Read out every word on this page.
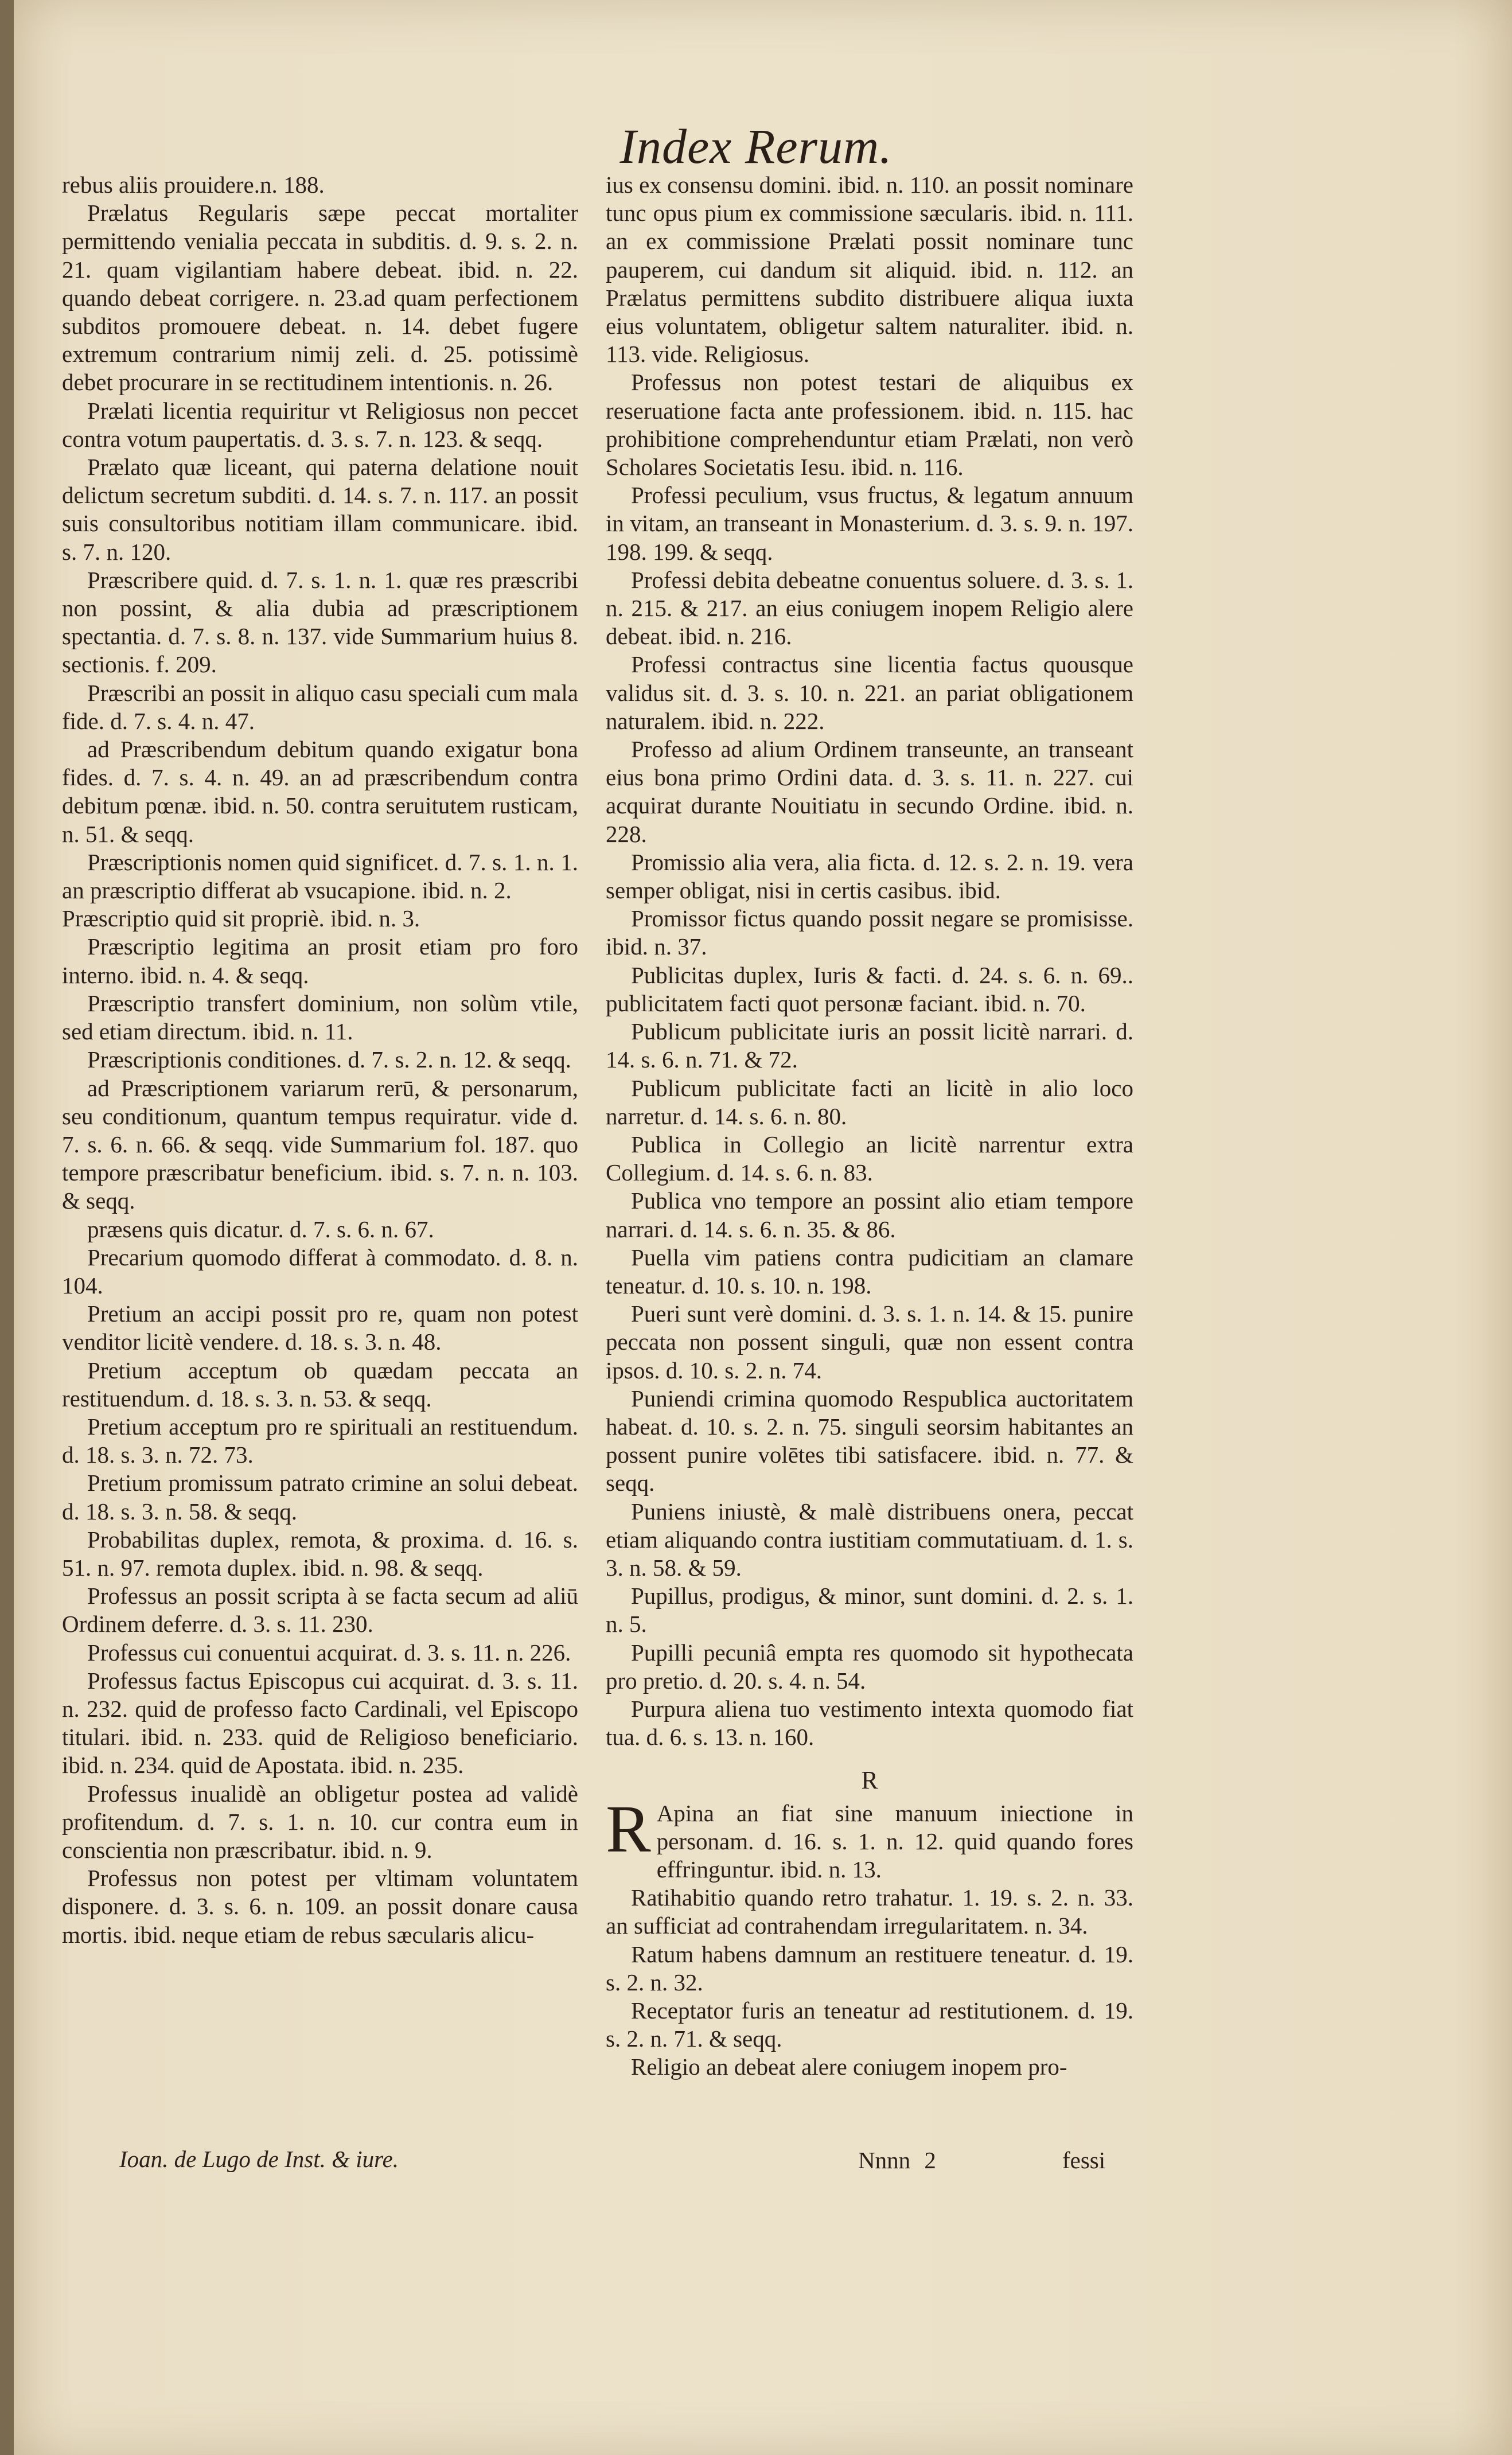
Index Rerum.

rebus aliis prouidere.n. 188.

Prælatus Regularis sæpe peccat mortaliter permittendo venialia peccata in subditis. d. 9. s. 2. n. 21. quam vigilantiam habere debeat. ibid. n. 22. quando debeat corrigere. n. 23.ad quam perfectionem subditos promouere debeat. n. 14. debet fugere extremum contrarium nimij zeli. d. 25. potissimè debet procurare in se rectitudinem intentionis. n. 26.

Prælati licentia requiritur vt Religiosus non peccet contra votum paupertatis. d. 3. s. 7. n. 123. & seqq.

Prælato quæ liceant, qui paterna delatione nouit delictum secretum subditi. d. 14. s. 7. n. 117. an possit suis consultoribus notitiam illam communicare. ibid. s. 7. n. 120.

Præscribere quid. d. 7. s. 1. n. 1. quæ res præscribi non possint, & alia dubia ad præscriptionem spectantia. d. 7. s. 8. n. 137. vide Summarium huius 8. sectionis. f. 209.

Præscribi an possit in aliquo casu speciali cum mala fide. d. 7. s. 4. n. 47.

ad Præscribendum debitum quando exigatur bona fides. d. 7. s. 4. n. 49. an ad præscribendum contra debitum pœnæ. ibid. n. 50. contra seruitutem rusticam, n. 51. & seqq.

Præscriptionis nomen quid significet. d. 7. s. 1. n. 1. an præscriptio differat ab vsucapione. ibid. n. 2.

Præscriptio quid sit propriè. ibid. n. 3.

Præscriptio legitima an prosit etiam pro foro interno. ibid. n. 4. & seqq.

Præscriptio transfert dominium, non solùm vtile, sed etiam directum. ibid. n. 11.

Præscriptionis conditiones. d. 7. s. 2. n. 12. & seqq.

ad Præscriptionem variarum rerū, & personarum, seu conditionum, quantum tempus requiratur. vide d. 7. s. 6. n. 66. & seqq. vide Summarium fol. 187. quo tempore præscribatur beneficium. ibid. s. 7. n. n. 103. & seqq.

præsens quis dicatur. d. 7. s. 6. n. 67.

Precarium quomodo differat à commodato. d. 8. n. 104.

Pretium an accipi possit pro re, quam non potest venditor licitè vendere. d. 18. s. 3. n. 48.

Pretium acceptum ob quædam peccata an restituendum. d. 18. s. 3. n. 53. & seqq.

Pretium acceptum pro re spirituali an restituendum. d. 18. s. 3. n. 72. 73.

Pretium promissum patrato crimine an solui debeat. d. 18. s. 3. n. 58. & seqq.

Probabilitas duplex, remota, & proxima. d. 16. s. 51. n. 97. remota duplex. ibid. n. 98. & seqq.

Professus an possit scripta à se facta secum ad aliū Ordinem deferre. d. 3. s. 11. 230.

Professus cui conuentui acquirat. d. 3. s. 11. n. 226.

Professus factus Episcopus cui acquirat. d. 3. s. 11. n. 232. quid de professo facto Cardinali, vel Episcopo titulari. ibid. n. 233. quid de Religioso beneficiario. ibid. n. 234. quid de Apostata. ibid. n. 235.

Professus inualidè an obligetur postea ad validè profitendum. d. 7. s. 1. n. 10. cur contra eum in conscientia non præscribatur. ibid. n. 9.

Professus non potest per vltimam voluntatem disponere. d. 3. s. 6. n. 109. an possit donare causa mortis. ibid. neque etiam de rebus sæcularis alicu-

ius ex consensu domini. ibid. n. 110. an possit nominare tunc opus pium ex commissione sæcularis. ibid. n. 111. an ex commissione Prælati possit nominare tunc pauperem, cui dandum sit aliquid. ibid. n. 112. an Prælatus permittens subdito distribuere aliqua iuxta eius voluntatem, obligetur saltem naturaliter. ibid. n. 113. vide. Religiosus.

Professus non potest testari de aliquibus ex reseruatione facta ante professionem. ibid. n. 115. hac prohibitione comprehenduntur etiam Prælati, non verò Scholares Societatis Iesu. ibid. n. 116.

Professi peculium, vsus fructus, & legatum annuum in vitam, an transeant in Monasterium. d. 3. s. 9. n. 197. 198. 199. & seqq.

Professi debita debeatne conuentus soluere. d. 3. s. 1. n. 215. & 217. an eius coniugem inopem Religio alere debeat. ibid. n. 216.

Professi contractus sine licentia factus quousque validus sit. d. 3. s. 10. n. 221. an pariat obligationem naturalem. ibid. n. 222.

Professo ad alium Ordinem transeunte, an transeant eius bona primo Ordini data. d. 3. s. 11. n. 227. cui acquirat durante Nouitiatu in secundo Ordine. ibid. n. 228.

Promissio alia vera, alia ficta. d. 12. s. 2. n. 19. vera semper obligat, nisi in certis casibus. ibid.

Promissor fictus quando possit negare se promisisse. ibid. n. 37.

Publicitas duplex, Iuris & facti. d. 24. s. 6. n. 69.. publicitatem facti quot personæ faciant. ibid. n. 70.

Publicum publicitate iuris an possit licitè narrari. d. 14. s. 6. n. 71. & 72.

Publicum publicitate facti an licitè in alio loco narretur. d. 14. s. 6. n. 80.

Publica in Collegio an licitè narrentur extra Collegium. d. 14. s. 6. n. 83.

Publica vno tempore an possint alio etiam tempore narrari. d. 14. s. 6. n. 35. & 86.

Puella vim patiens contra pudicitiam an clamare teneatur. d. 10. s. 10. n. 198.

Pueri sunt verè domini. d. 3. s. 1. n. 14. & 15. punire peccata non possent singuli, quæ non essent contra ipsos. d. 10. s. 2. n. 74.

Puniendi crimina quomodo Respublica auctoritatem habeat. d. 10. s. 2. n. 75. singuli seorsim habitantes an possent punire volētes tibi satisfacere. ibid. n. 77. & seqq.

Puniens iniustè, & malè distribuens onera, peccat etiam aliquando contra iustitiam commutatiuam. d. 1. s. 3. n. 58. & 59.

Pupillus, prodigus, & minor, sunt domini. d. 2. s. 1. n. 5.

Pupilli pecuniâ empta res quomodo sit hypothecata pro pretio. d. 20. s. 4. n. 54.

Purpura aliena tuo vestimento intexta quomodo fiat tua. d. 6. s. 13. n. 160.

R

R Apina an fiat sine manuum iniectione in personam. d. 16. s. 1. n. 12. quid quando fores effringuntur. ibid. n. 13.

Ratihabitio quando retro trahatur. 1. 19. s. 2. n. 33. an sufficiat ad contrahendam irregularitatem. n. 34.

Ratum habens damnum an restituere teneatur. d. 19. s. 2. n. 32.

Receptator furis an teneatur ad restitutionem. d. 19. s. 2. n. 71. & seqq.

Religio an debeat alere coniugem inopem pro-

Ioan. de Lugo de Inst. & iure.	Nnnn 2	fessi
